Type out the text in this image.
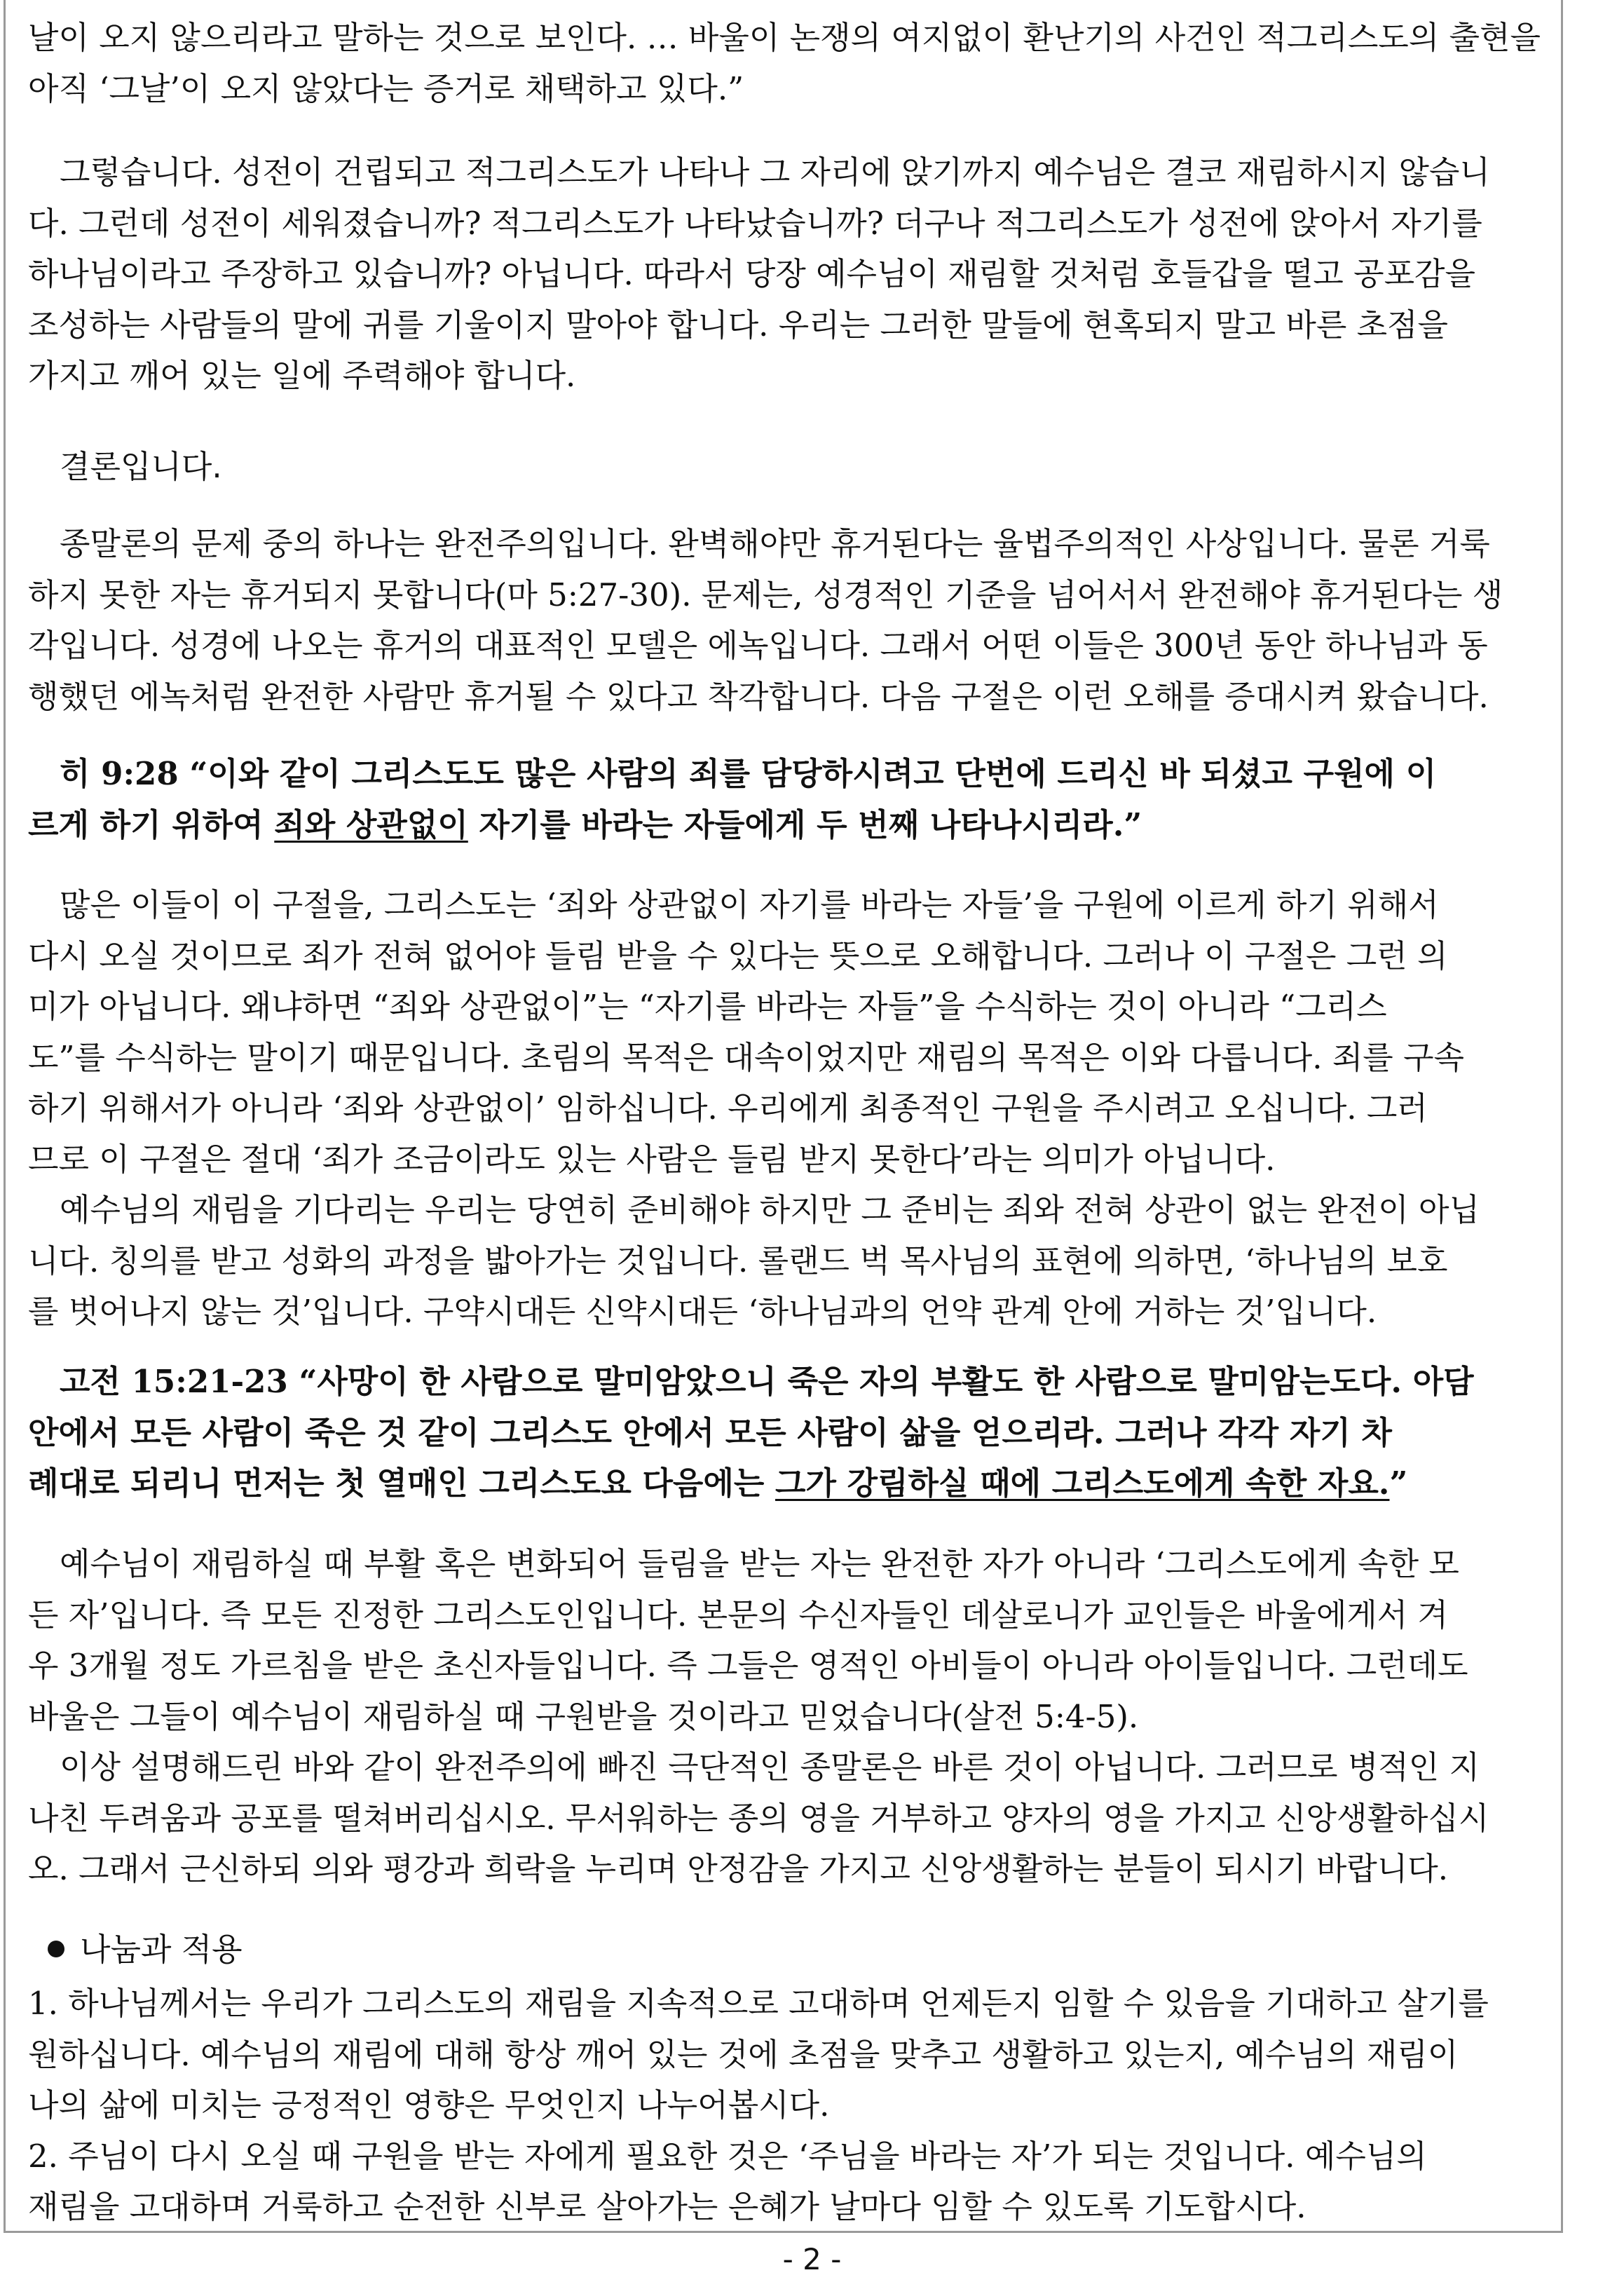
날이 오지 않으리라고 말하는 것으로 보인다. … 바울이 논쟁의 여지없이 환난기의 사건인 적그리스도의 출현을
아직 ‘그날’이 오지 않았다는 증거로 채택하고 있다.”
그렇습니다. 성전이 건립되고 적그리스도가 나타나 그 자리에 앉기까지 예수님은 결코 재림하시지 않습니
다. 그런데 성전이 세워졌습니까? 적그리스도가 나타났습니까? 더구나 적그리스도가 성전에 앉아서 자기를
하나님이라고 주장하고 있습니까? 아닙니다. 따라서 당장 예수님이 재림할 것처럼 호들갑을 떨고 공포감을
조성하는 사람들의 말에 귀를 기울이지 말아야 합니다. 우리는 그러한 말들에 현혹되지 말고 바른 초점을
가지고 깨어 있는 일에 주력해야 합니다.
결론입니다.
종말론의 문제 중의 하나는 완전주의입니다. 완벽해야만 휴거된다는 율법주의적인 사상입니다. 물론 거룩
하지 못한 자는 휴거되지 못합니다(마 5:27-30). 문제는, 성경적인 기준을 넘어서서 완전해야 휴거된다는 생
각입니다. 성경에 나오는 휴거의 대표적인 모델은 에녹입니다. 그래서 어떤 이들은 300년 동안 하나님과 동
행했던 에녹처럼 완전한 사람만 휴거될 수 있다고 착각합니다. 다음 구절은 이런 오해를 증대시켜 왔습니다.
히 9:28 “이와 같이 그리스도도 많은 사람의 죄를 담당하시려고 단번에 드리신 바 되셨고 구원에 이
르게 하기 위하여 죄와 상관없이 자기를 바라는 자들에게 두 번째 나타나시리라.”
많은 이들이 이 구절을, 그리스도는 ‘죄와 상관없이 자기를 바라는 자들’을 구원에 이르게 하기 위해서
다시 오실 것이므로 죄가 전혀 없어야 들림 받을 수 있다는 뜻으로 오해합니다. 그러나 이 구절은 그런 의
미가 아닙니다. 왜냐하면 “죄와 상관없이”는 “자기를 바라는 자들”을 수식하는 것이 아니라 “그리스
도”를 수식하는 말이기 때문입니다. 초림의 목적은 대속이었지만 재림의 목적은 이와 다릅니다. 죄를 구속
하기 위해서가 아니라 ‘죄와 상관없이’ 임하십니다. 우리에게 최종적인 구원을 주시려고 오십니다. 그러
므로 이 구절은 절대 ‘죄가 조금이라도 있는 사람은 들림 받지 못한다’라는 의미가 아닙니다.
예수님의 재림을 기다리는 우리는 당연히 준비해야 하지만 그 준비는 죄와 전혀 상관이 없는 완전이 아닙
니다. 칭의를 받고 성화의 과정을 밟아가는 것입니다. 롤랜드 벅 목사님의 표현에 의하면, ‘하나님의 보호
를 벗어나지 않는 것’입니다. 구약시대든 신약시대든 ‘하나님과의 언약 관계 안에 거하는 것’입니다.
고전 15:21-23 “사망이 한 사람으로 말미암았으니 죽은 자의 부활도 한 사람으로 말미암는도다. 아담
안에서 모든 사람이 죽은 것 같이 그리스도 안에서 모든 사람이 삶을 얻으리라. 그러나 각각 자기 차
례대로 되리니 먼저는 첫 열매인 그리스도요 다음에는 그가 강림하실 때에 그리스도에게 속한 자요.”
예수님이 재림하실 때 부활 혹은 변화되어 들림을 받는 자는 완전한 자가 아니라 ‘그리스도에게 속한 모
든 자’입니다. 즉 모든 진정한 그리스도인입니다. 본문의 수신자들인 데살로니가 교인들은 바울에게서 겨
우 3개월 정도 가르침을 받은 초신자들입니다. 즉 그들은 영적인 아비들이 아니라 아이들입니다. 그런데도
바울은 그들이 예수님이 재림하실 때 구원받을 것이라고 믿었습니다(살전 5:4-5).
이상 설명해드린 바와 같이 완전주의에 빠진 극단적인 종말론은 바른 것이 아닙니다. 그러므로 병적인 지
나친 두려움과 공포를 떨쳐버리십시오. 무서워하는 종의 영을 거부하고 양자의 영을 가지고 신앙생활하십시
오. 그래서 근신하되 의와 평강과 희락을 누리며 안정감을 가지고 신앙생활하는 분들이 되시기 바랍니다.
나눔과 적용
1. 하나님께서는 우리가 그리스도의 재림을 지속적으로 고대하며 언제든지 임할 수 있음을 기대하고 살기를
원하십니다. 예수님의 재림에 대해 항상 깨어 있는 것에 초점을 맞추고 생활하고 있는지, 예수님의 재림이
나의 삶에 미치는 긍정적인 영향은 무엇인지 나누어봅시다.
2. 주님이 다시 오실 때 구원을 받는 자에게 필요한 것은 ‘주님을 바라는 자’가 되는 것입니다. 예수님의
재림을 고대하며 거룩하고 순전한 신부로 살아가는 은혜가 날마다 임할 수 있도록 기도합시다.
- 2 -
